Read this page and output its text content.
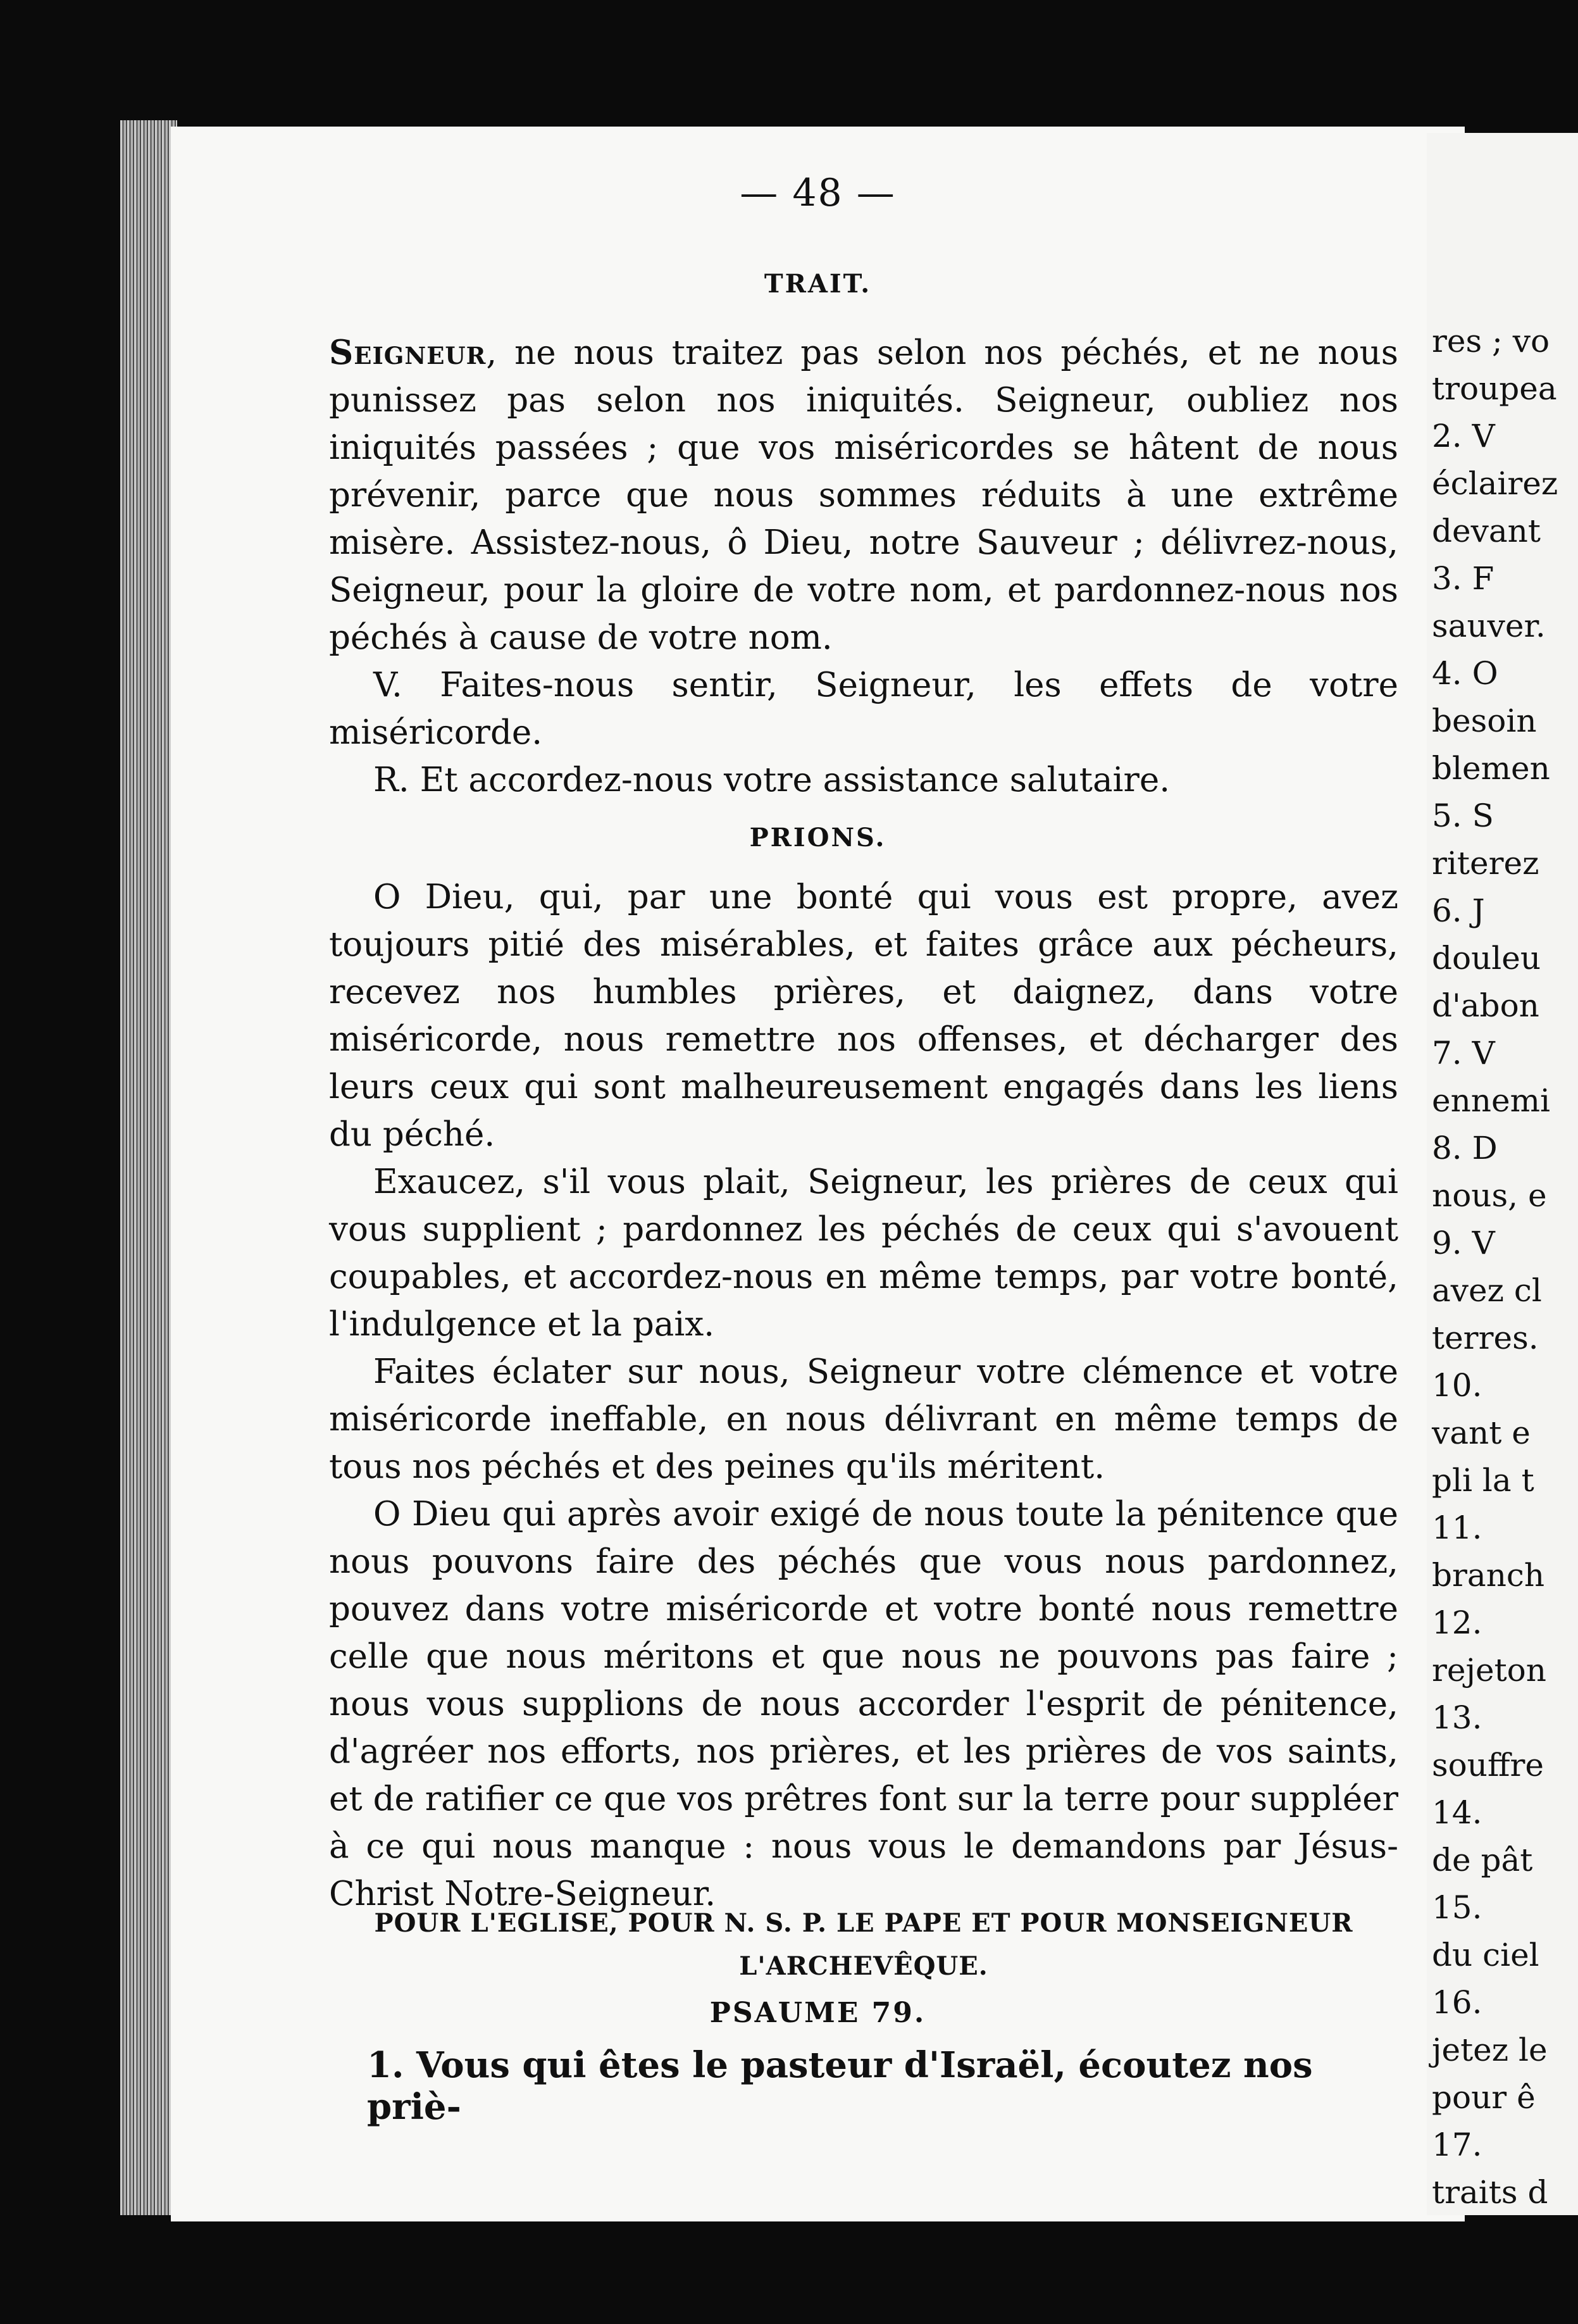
— 48 —
TRAIT.

Seigneur, ne nous traitez pas selon nos péchés, et ne nous punissez pas selon nos iniquités. Seigneur, oubliez nos iniquités passées ; que vos miséricordes se hâtent de nous prévenir, parce que nous sommes réduits à une extrême misère. Assistez-nous, ô Dieu, notre Sauveur ; délivrez-nous, Seigneur, pour la gloire de votre nom, et pardonnez-nous nos péchés à cause de votre nom.

V. Faites-nous sentir, Seigneur, les effets de votre miséricorde.

R. Et accordez-nous votre assistance salutaire.

PRIONS.

O Dieu, qui, par une bonté qui vous est propre, avez toujours pitié des misérables, et faites grâce aux pécheurs, recevez nos humbles prières, et daignez, dans votre miséricorde, nous remettre nos offenses, et décharger des leurs ceux qui sont malheureusement engagés dans les liens du péché.

Exaucez, s'il vous plait, Seigneur, les prières de ceux qui vous supplient ; pardonnez les péchés de ceux qui s'avouent coupables, et accordez-nous en même temps, par votre bonté, l'indulgence et la paix.

Faites éclater sur nous, Seigneur votre clémence et votre miséricorde ineffable, en nous délivrant en même temps de tous nos péchés et des peines qu'ils méritent.

O Dieu qui après avoir exigé de nous toute la pénitence que nous pouvons faire des péchés que vous nous pardonnez, pouvez dans votre miséricorde et votre bonté nous remettre celle que nous méritons et que nous ne pouvons pas faire ; nous vous supplions de nous accorder l'esprit de pénitence, d'agréer nos efforts, nos prières, et les prières de vos saints, et de ratifier ce que vos prêtres font sur la terre pour suppléer à ce qui nous manque : nous vous le demandons par Jésus-Christ Notre-Seigneur.

POUR L'EGLISE, POUR N. S. P. LE PAPE ET POUR MONSEIGNEUR L'ARCHEVÊQUE.
PSAUME 79.
1. Vous qui êtes le pasteur d'Israël, écoutez nos priè-
res ; vo
troupea
2. V
éclairez
devant
3. F
sauver.
4. O
besoin
blemen
5. S
riterez
6. J
douleu
d'abon
7. V
ennemi
8. D
nous, e
9. V
avez cl
terres.
10.
vant e
pli la t
11.
branch
12.
rejeton
13.
souffre
14.
de pât
15.
du ciel
16.
jetez le
pour ê
17.
traits d
